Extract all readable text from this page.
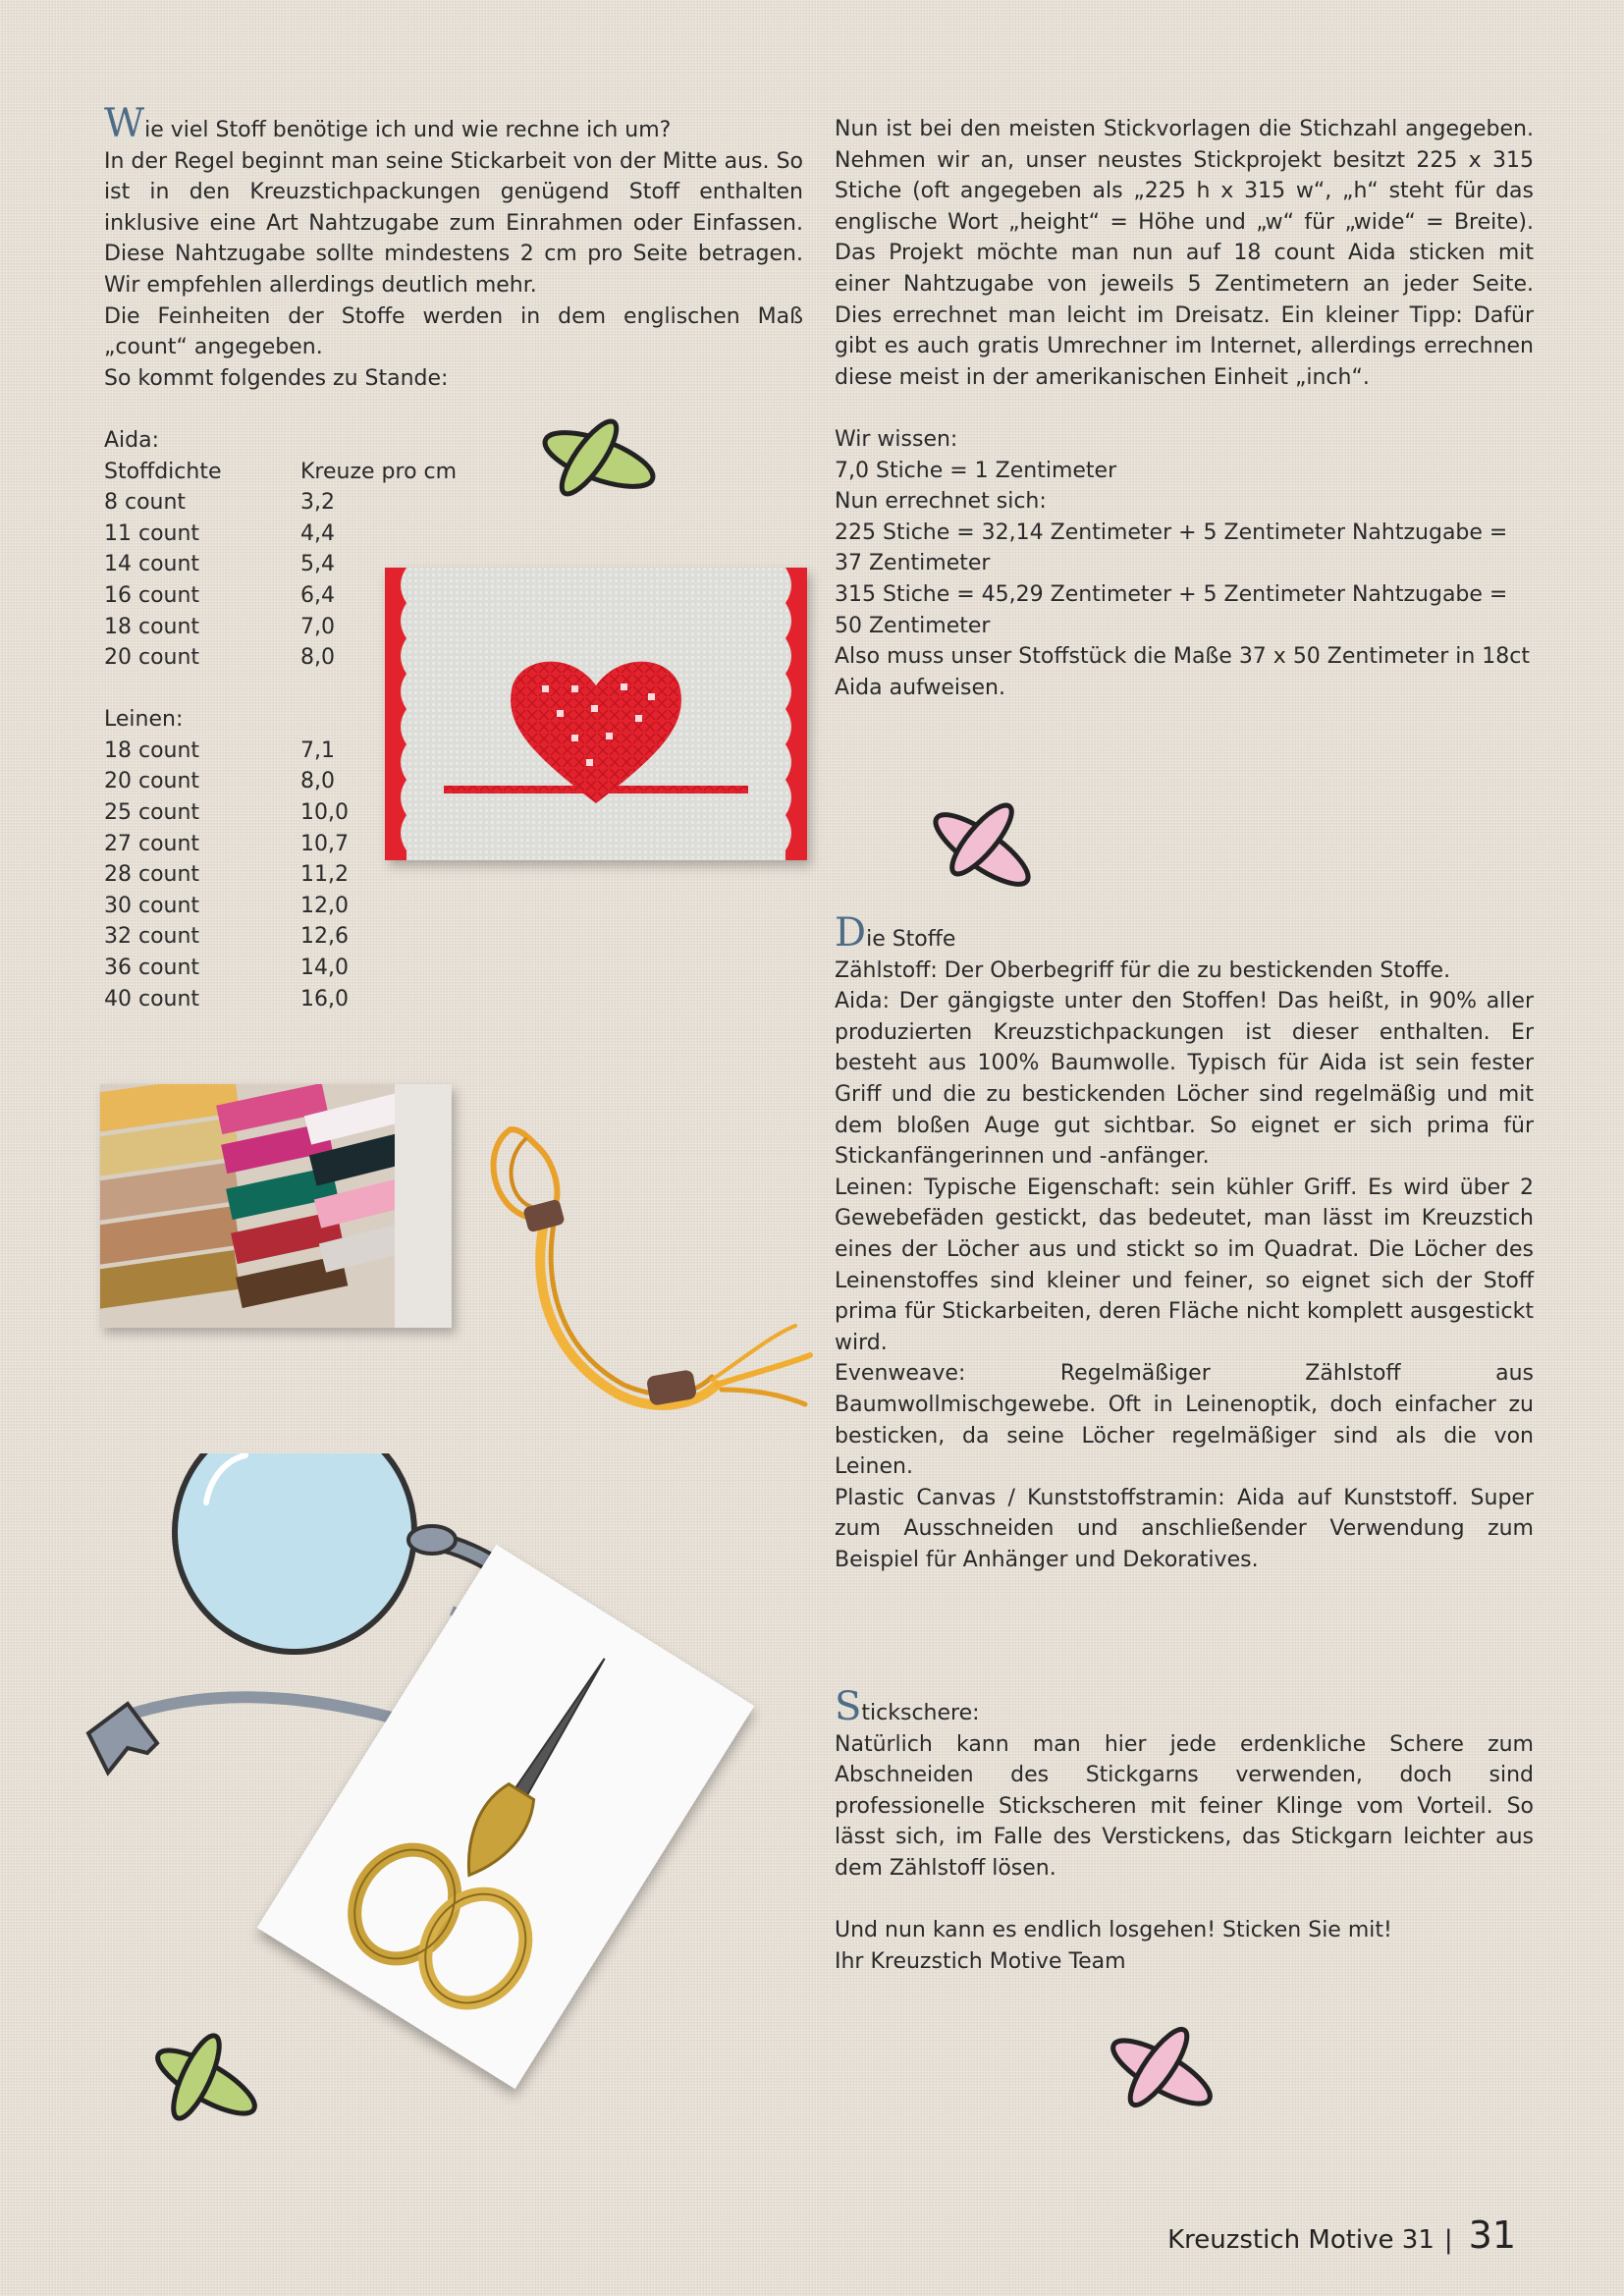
Wie viel Stoff benötige ich und wie rechne ich um?

In der Regel beginnt man seine Stickarbeit von der Mitte aus. So ist in den Kreuzstichpackungen genügend Stoff enthalten inklusive eine Art Nahtzugabe zum Einrahmen oder Einfassen. Diese Nahtzugabe sollte mindestens 2 cm pro Seite betragen. Wir empfehlen allerdings deutlich mehr.

Die Feinheiten der Stoffe werden in dem englischen Maß „count“ angegeben.

So kommt folgendes zu Stande:

Aida:

Stoffdichte	Kreuze pro cm
8 count	3,2
11 count	4,4
14 count	5,4
16 count	6,4
18 count	7,0
20 count	8,0

Leinen:

18 count	7,1
20 count	8,0
25 count	10,0
27 count	10,7
28 count	11,2
30 count	12,0
32 count	12,6
36 count	14,0
40 count	16,0

Nun ist bei den meisten Stickvorlagen die Stichzahl angegeben. Nehmen wir an, unser neustes Stickprojekt besitzt 225 x 315 Stiche (oft angegeben als „225 h x 315 w“, „h“ steht für das englische Wort „height“ = Höhe und „w“ für „wide“ = Breite). Das Projekt möchte man nun auf 18 count Aida sticken mit einer Nahtzugabe von jeweils 5 Zentimetern an jeder Seite. Dies errechnet man leicht im Dreisatz. Ein kleiner Tipp: Dafür gibt es auch gratis Umrechner im Internet, allerdings errechnen diese meist in der amerikanischen Einheit „inch“.

Wir wissen:

7,0 Stiche = 1 Zentimeter

Nun errechnet sich:

225 Stiche = 32,14 Zentimeter + 5 Zentimeter Nahtzugabe =

37 Zentimeter

315 Stiche = 45,29 Zentimeter + 5 Zentimeter Nahtzugabe =

50 Zentimeter

Also muss unser Stoffstück die Maße 37 x 50 Zentimeter in 18ct Aida aufweisen.

Die Stoffe

Zählstoff: Der Oberbegriff für die zu bestickenden Stoffe.

Aida: Der gängigste unter den Stoffen! Das heißt, in 90% aller produzierten Kreuzstichpackungen ist dieser enthalten. Er besteht aus 100% Baumwolle. Typisch für Aida ist sein fester Griff und die zu bestickenden Löcher sind regelmäßig und mit dem bloßen Auge gut sichtbar. So eignet er sich prima für Stickanfängerinnen und -anfänger.

Leinen: Typische Eigenschaft: sein kühler Griff. Es wird über 2 Gewebefäden gestickt, das bedeutet, man lässt im Kreuzstich eines der Löcher aus und stickt so im Quadrat. Die Löcher des Leinenstoffes sind kleiner und feiner, so eignet sich der Stoff prima für Stickarbeiten, deren Fläche nicht komplett ausgestickt wird.

Evenweave: Regelmäßiger Zählstoff aus Baumwollmischgewebe. Oft in Leinenoptik, doch einfacher zu besticken, da seine Löcher regelmäßiger sind als die von Leinen.

Plastic Canvas / Kunststoffstramin: Aida auf Kunststoff. Super zum Ausschneiden und anschließender Verwendung zum Beispiel für Anhänger und Dekoratives.

Stickschere:

Natürlich kann man hier jede erdenkliche Schere zum Abschneiden des Stickgarns verwenden, doch sind professionelle Stickscheren mit feiner Klinge vom Vorteil. So lässt sich, im Falle des Verstickens, das Stickgarn leichter aus dem Zählstoff lösen.

Und nun kann es endlich losgehen! Sticken Sie mit!

Ihr Kreuzstich Motive Team

Kreuzstich Motive 31 | 31
